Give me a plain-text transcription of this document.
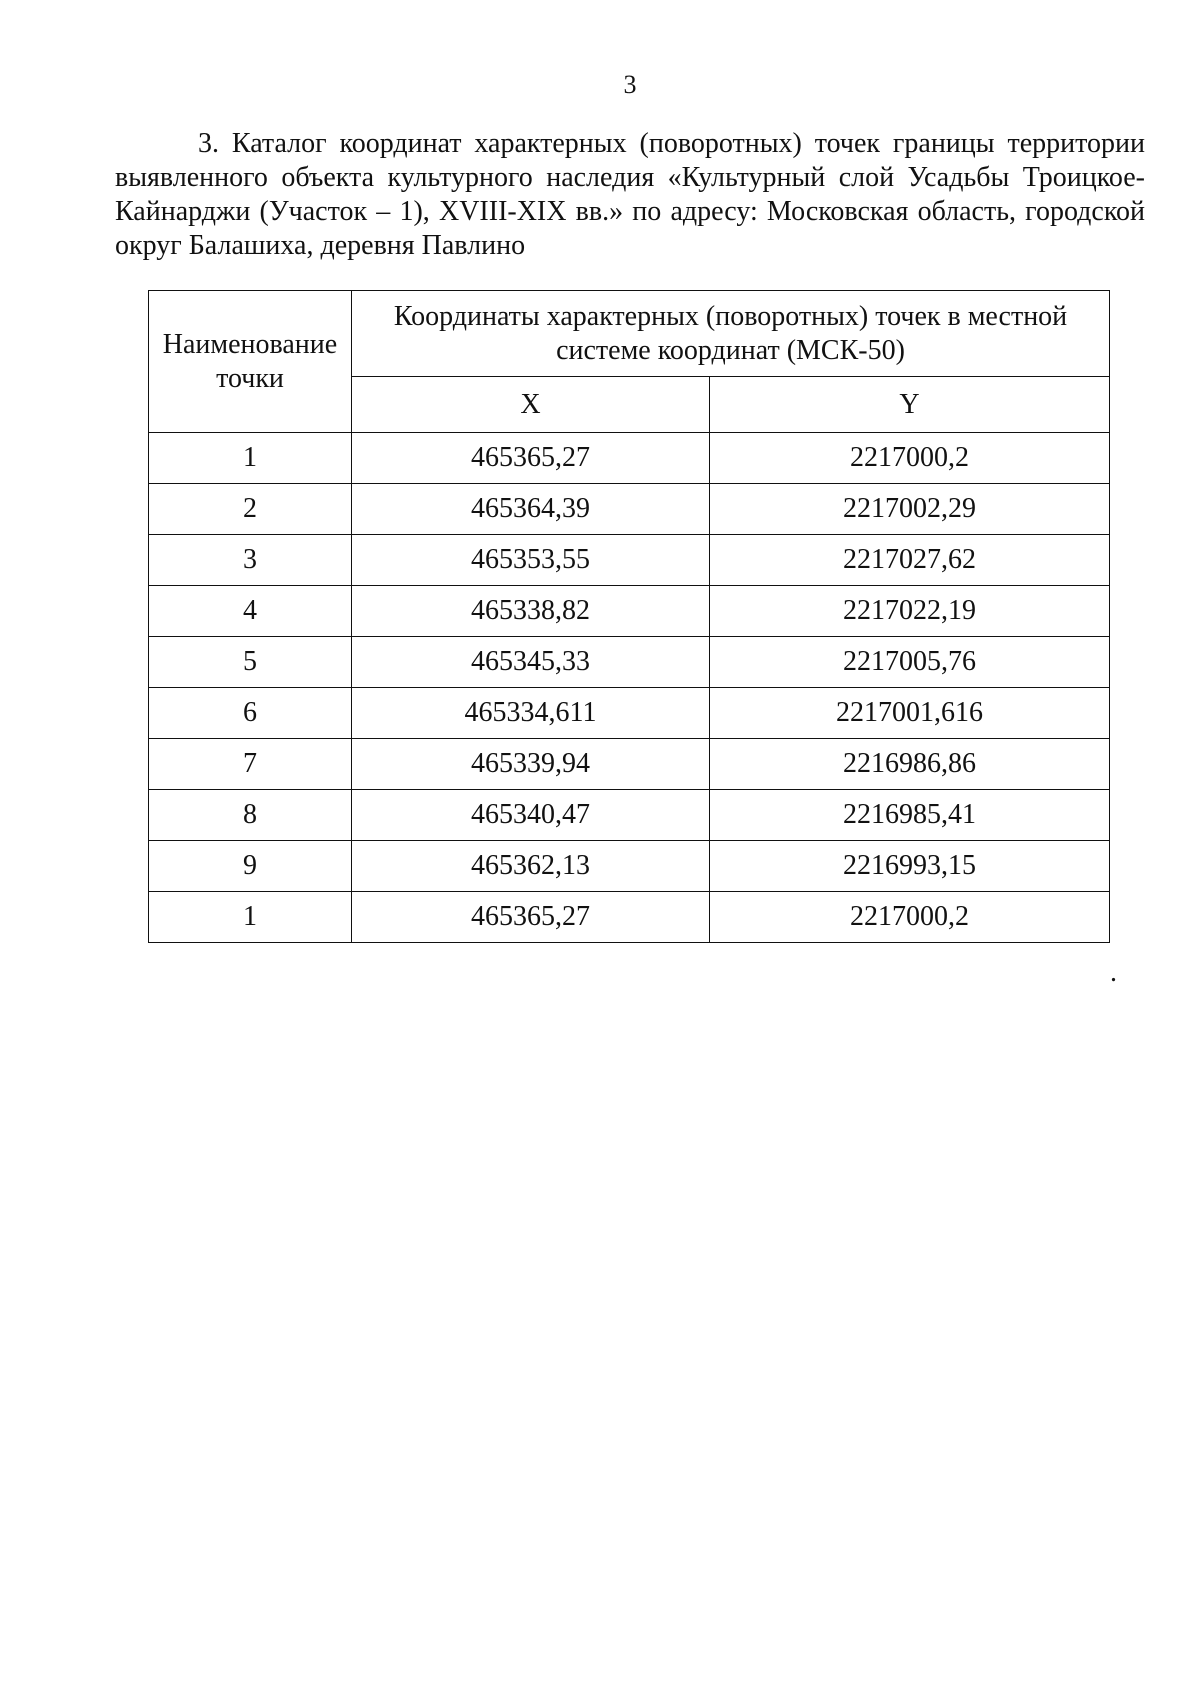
3

3. Каталог координат характерных (поворотных) точек границы территории выявленного объекта культурного наследия «Культурный слой Усадьбы Троицкое-Кайнарджи (Участок – 1), XVIII-XIX вв.» по адресу: Московская область, городской округ Балашиха, деревня Павлино

Наименование точки	Координаты характерных (поворотных) точек в местной системе координат (МСК-50)	
	X	Y
1	465365,27	2217000,2
2	465364,39	2217002,29
3	465353,55	2217027,62
4	465338,82	2217022,19
5	465345,33	2217005,76
6	465334,611	2217001,616
7	465339,94	2216986,86
8	465340,47	2216985,41
9	465362,13	2216993,15
1	465365,27	2217000,2
.
